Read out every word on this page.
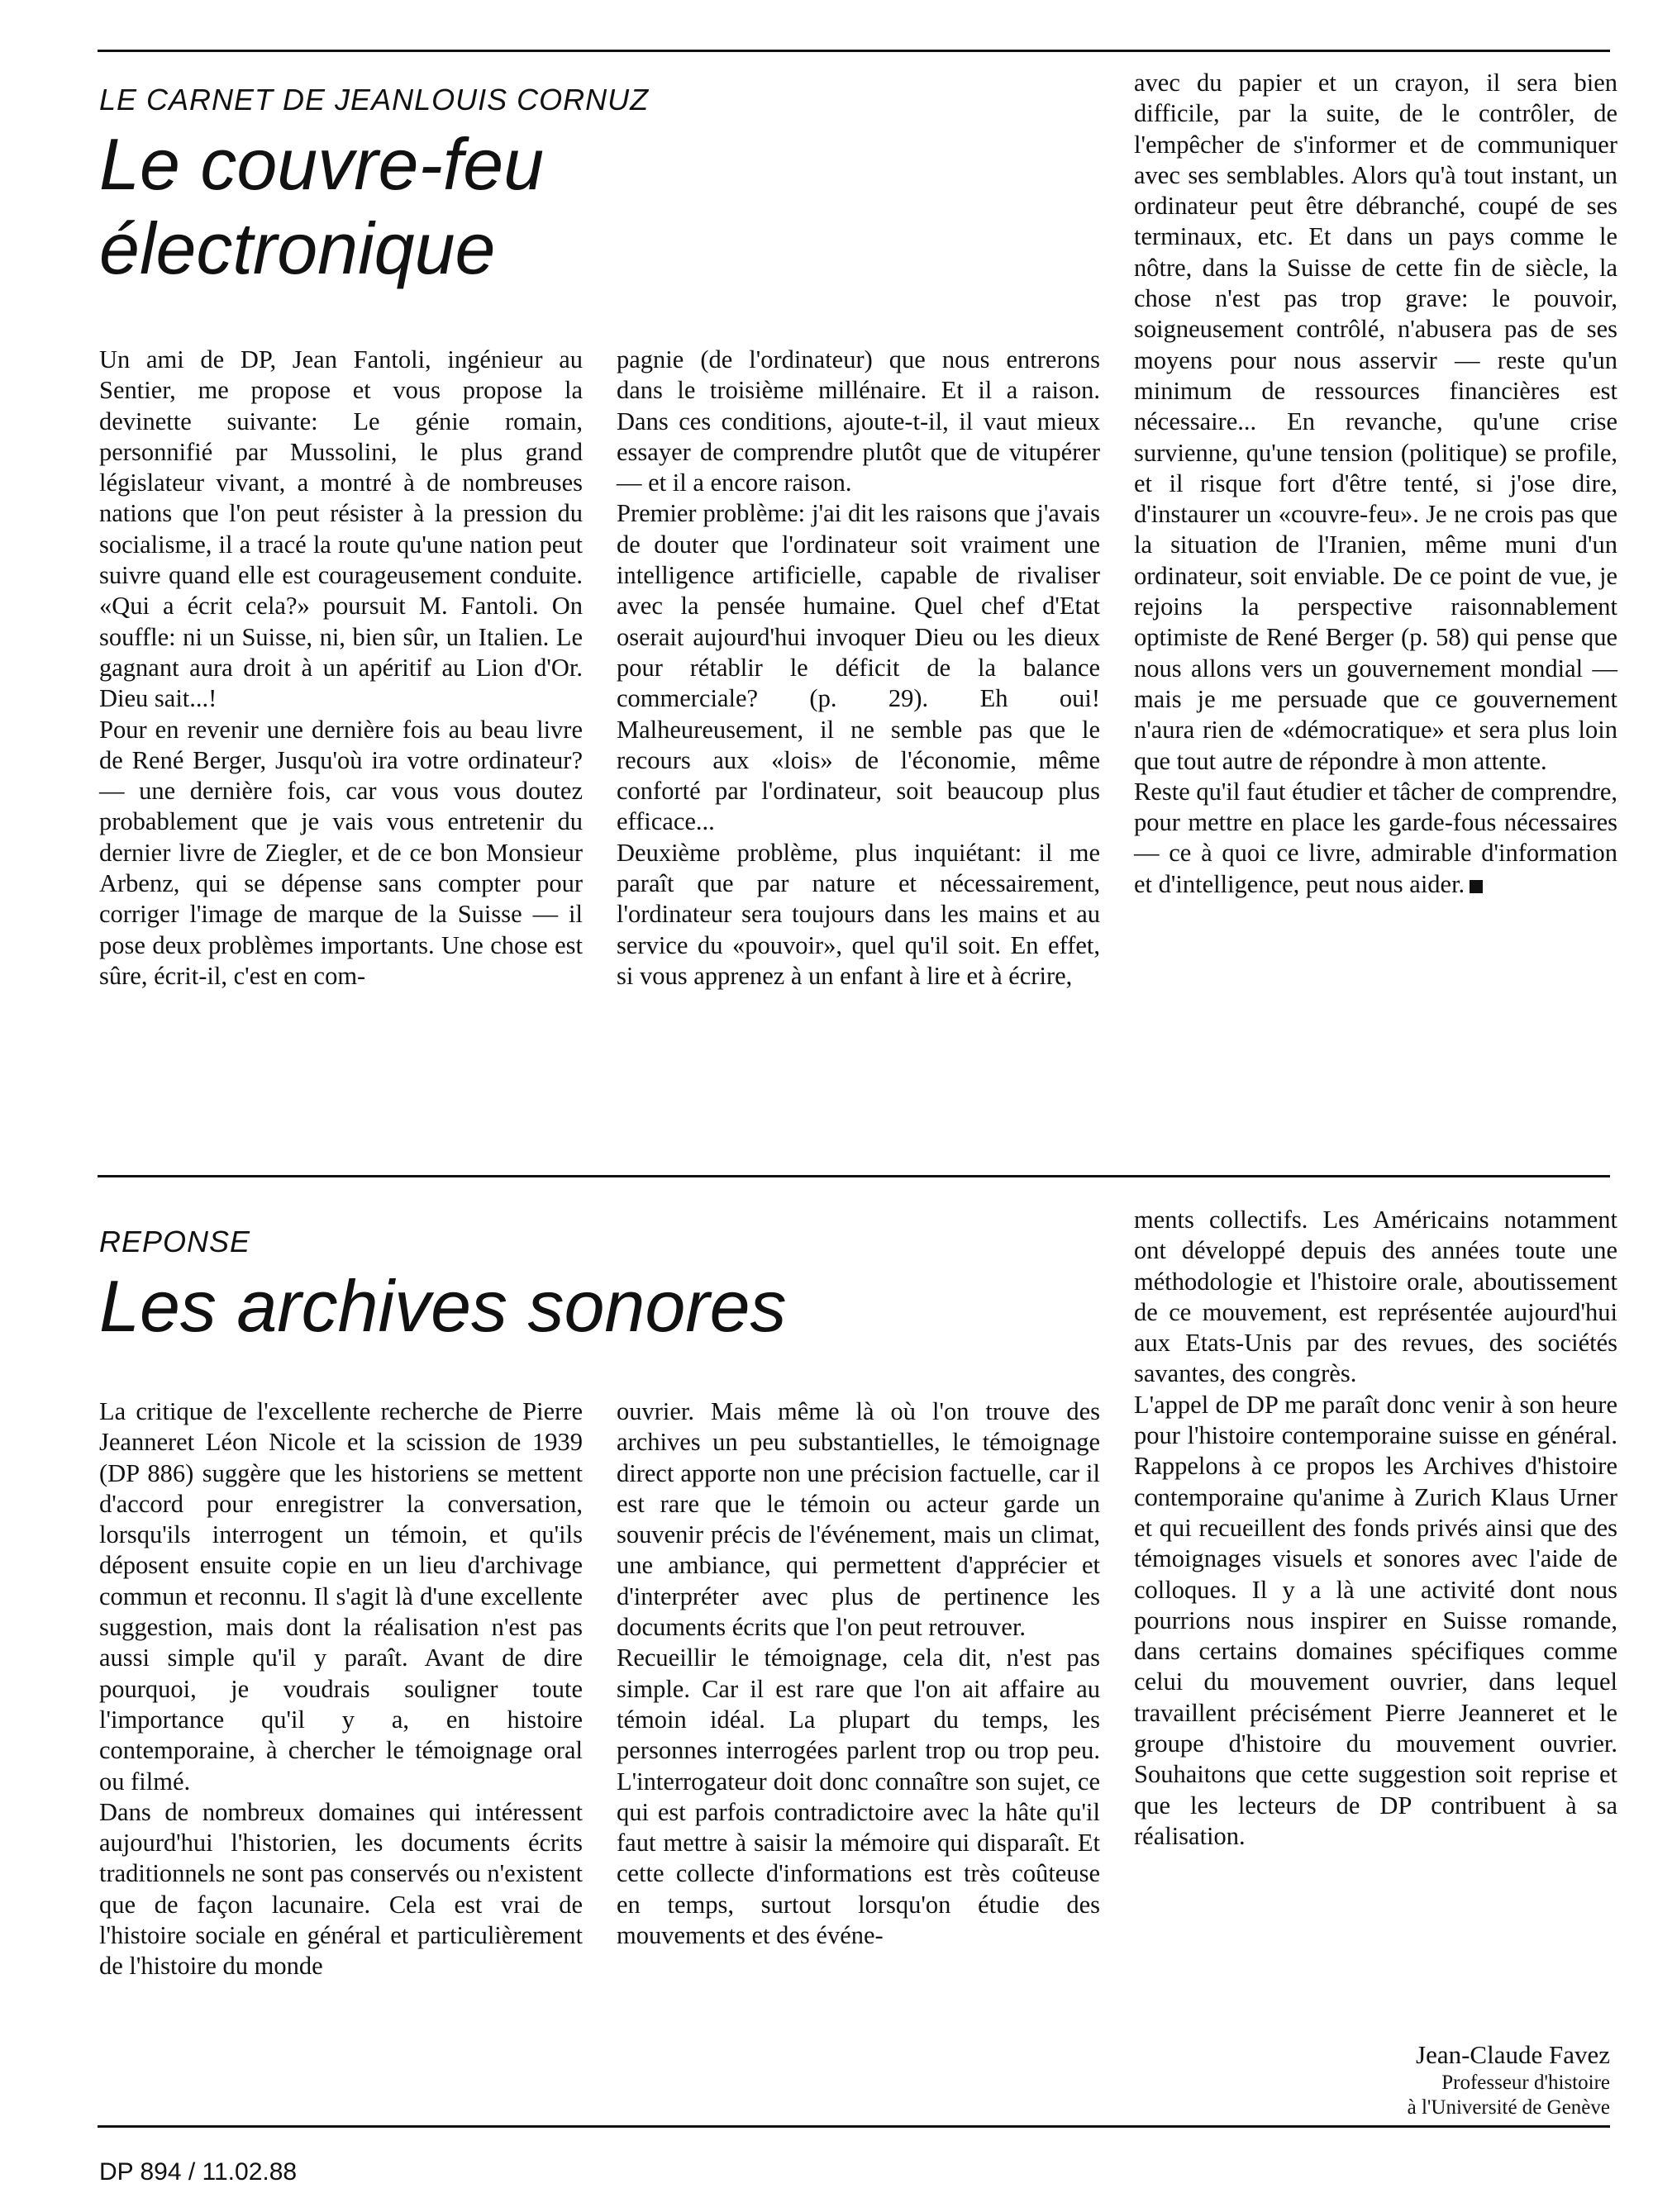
LE CARNET DE JEANLOUIS CORNUZ
Le couvre-feu
électronique

Un ami de DP, Jean Fantoli, ingénieur au Sentier, me propose et vous propose la devinette suivante: Le génie romain, personnifié par Mussolini, le plus grand législateur vivant, a montré à de nombreuses nations que l'on peut résister à la pression du socialisme, il a tracé la route qu'une nation peut suivre quand elle est courageusement conduite. «Qui a écrit cela?» poursuit M. Fantoli. On souffle: ni un Suisse, ni, bien sûr, un Italien. Le gagnant aura droit à un apéritif au Lion d'Or. Dieu sait...!

Pour en revenir une dernière fois au beau livre de René Berger, Jusqu'où ira votre ordinateur? — une dernière fois, car vous vous doutez probablement que je vais vous entretenir du dernier livre de Ziegler, et de ce bon Monsieur Arbenz, qui se dépense sans compter pour corriger l'image de marque de la Suisse — il pose deux problèmes importants. Une chose est sûre, écrit-il, c'est en com-

pagnie (de l'ordinateur) que nous entrerons dans le troisième millénaire. Et il a raison. Dans ces conditions, ajoute-t-il, il vaut mieux essayer de comprendre plutôt que de vitupérer — et il a encore raison.

Premier problème: j'ai dit les raisons que j'avais de douter que l'ordinateur soit vraiment une intelligence artificielle, capable de rivaliser avec la pensée humaine. Quel chef d'Etat oserait aujourd'hui invoquer Dieu ou les dieux pour rétablir le déficit de la balance commerciale? (p. 29). Eh oui! Malheureusement, il ne semble pas que le recours aux «lois» de l'économie, même conforté par l'ordinateur, soit beaucoup plus efficace...

Deuxième problème, plus inquiétant: il me paraît que par nature et nécessairement, l'ordinateur sera toujours dans les mains et au service du «pouvoir», quel qu'il soit. En effet, si vous apprenez à un enfant à lire et à écrire,

avec du papier et un crayon, il sera bien difficile, par la suite, de le contrôler, de l'empêcher de s'informer et de communiquer avec ses semblables. Alors qu'à tout instant, un ordinateur peut être débranché, coupé de ses terminaux, etc. Et dans un pays comme le nôtre, dans la Suisse de cette fin de siècle, la chose n'est pas trop grave: le pouvoir, soigneusement contrôlé, n'abusera pas de ses moyens pour nous asservir — reste qu'un minimum de ressources financières est nécessaire... En revanche, qu'une crise survienne, qu'une tension (politique) se profile, et il risque fort d'être tenté, si j'ose dire, d'instaurer un «couvre-feu». Je ne crois pas que la situation de l'Iranien, même muni d'un ordinateur, soit enviable. De ce point de vue, je rejoins la perspective raisonnablement optimiste de René Berger (p. 58) qui pense que nous allons vers un gouvernement mondial — mais je me persuade que ce gouvernement n'aura rien de «démocratique» et sera plus loin que tout autre de répondre à mon attente.

Reste qu'il faut étudier et tâcher de comprendre, pour mettre en place les garde-fous nécessaires — ce à quoi ce livre, admirable d'information et d'intelligence, peut nous aider.

REPONSE
Les archives sonores

La critique de l'excellente recherche de Pierre Jeanneret Léon Nicole et la scission de 1939 (DP 886) suggère que les historiens se mettent d'accord pour enregistrer la conversation, lorsqu'ils interrogent un témoin, et qu'ils déposent ensuite copie en un lieu d'archivage commun et reconnu. Il s'agit là d'une excellente suggestion, mais dont la réalisation n'est pas aussi simple qu'il y paraît. Avant de dire pourquoi, je voudrais souligner toute l'importance qu'il y a, en histoire contemporaine, à chercher le témoignage oral ou filmé.

Dans de nombreux domaines qui intéressent aujourd'hui l'historien, les documents écrits traditionnels ne sont pas conservés ou n'existent que de façon lacunaire. Cela est vrai de l'histoire sociale en général et particulièrement de l'histoire du monde

ouvrier. Mais même là où l'on trouve des archives un peu substantielles, le témoignage direct apporte non une précision factuelle, car il est rare que le témoin ou acteur garde un souvenir précis de l'événement, mais un climat, une ambiance, qui permettent d'apprécier et d'interpréter avec plus de pertinence les documents écrits que l'on peut retrouver.

Recueillir le témoignage, cela dit, n'est pas simple. Car il est rare que l'on ait affaire au témoin idéal. La plupart du temps, les personnes interrogées parlent trop ou trop peu. L'interrogateur doit donc connaître son sujet, ce qui est parfois contradictoire avec la hâte qu'il faut mettre à saisir la mémoire qui disparaît. Et cette collecte d'informations est très coûteuse en temps, surtout lorsqu'on étudie des mouvements et des événe-

ments collectifs. Les Américains notamment ont développé depuis des années toute une méthodologie et l'histoire orale, aboutissement de ce mouvement, est représentée aujourd'hui aux Etats-Unis par des revues, des sociétés savantes, des congrès.

L'appel de DP me paraît donc venir à son heure pour l'histoire contemporaine suisse en général. Rappelons à ce propos les Archives d'histoire contemporaine qu'anime à Zurich Klaus Urner et qui recueillent des fonds privés ainsi que des témoignages visuels et sonores avec l'aide de colloques. Il y a là une activité dont nous pourrions nous inspirer en Suisse romande, dans certains domaines spécifiques comme celui du mouvement ouvrier, dans lequel travaillent précisément Pierre Jeanneret et le groupe d'histoire du mouvement ouvrier. Souhaitons que cette suggestion soit reprise et que les lecteurs de DP contribuent à sa réalisation.

Jean-Claude Favez
Professeur d'histoire
à l'Université de Genève
DP 894 / 11.02.88
